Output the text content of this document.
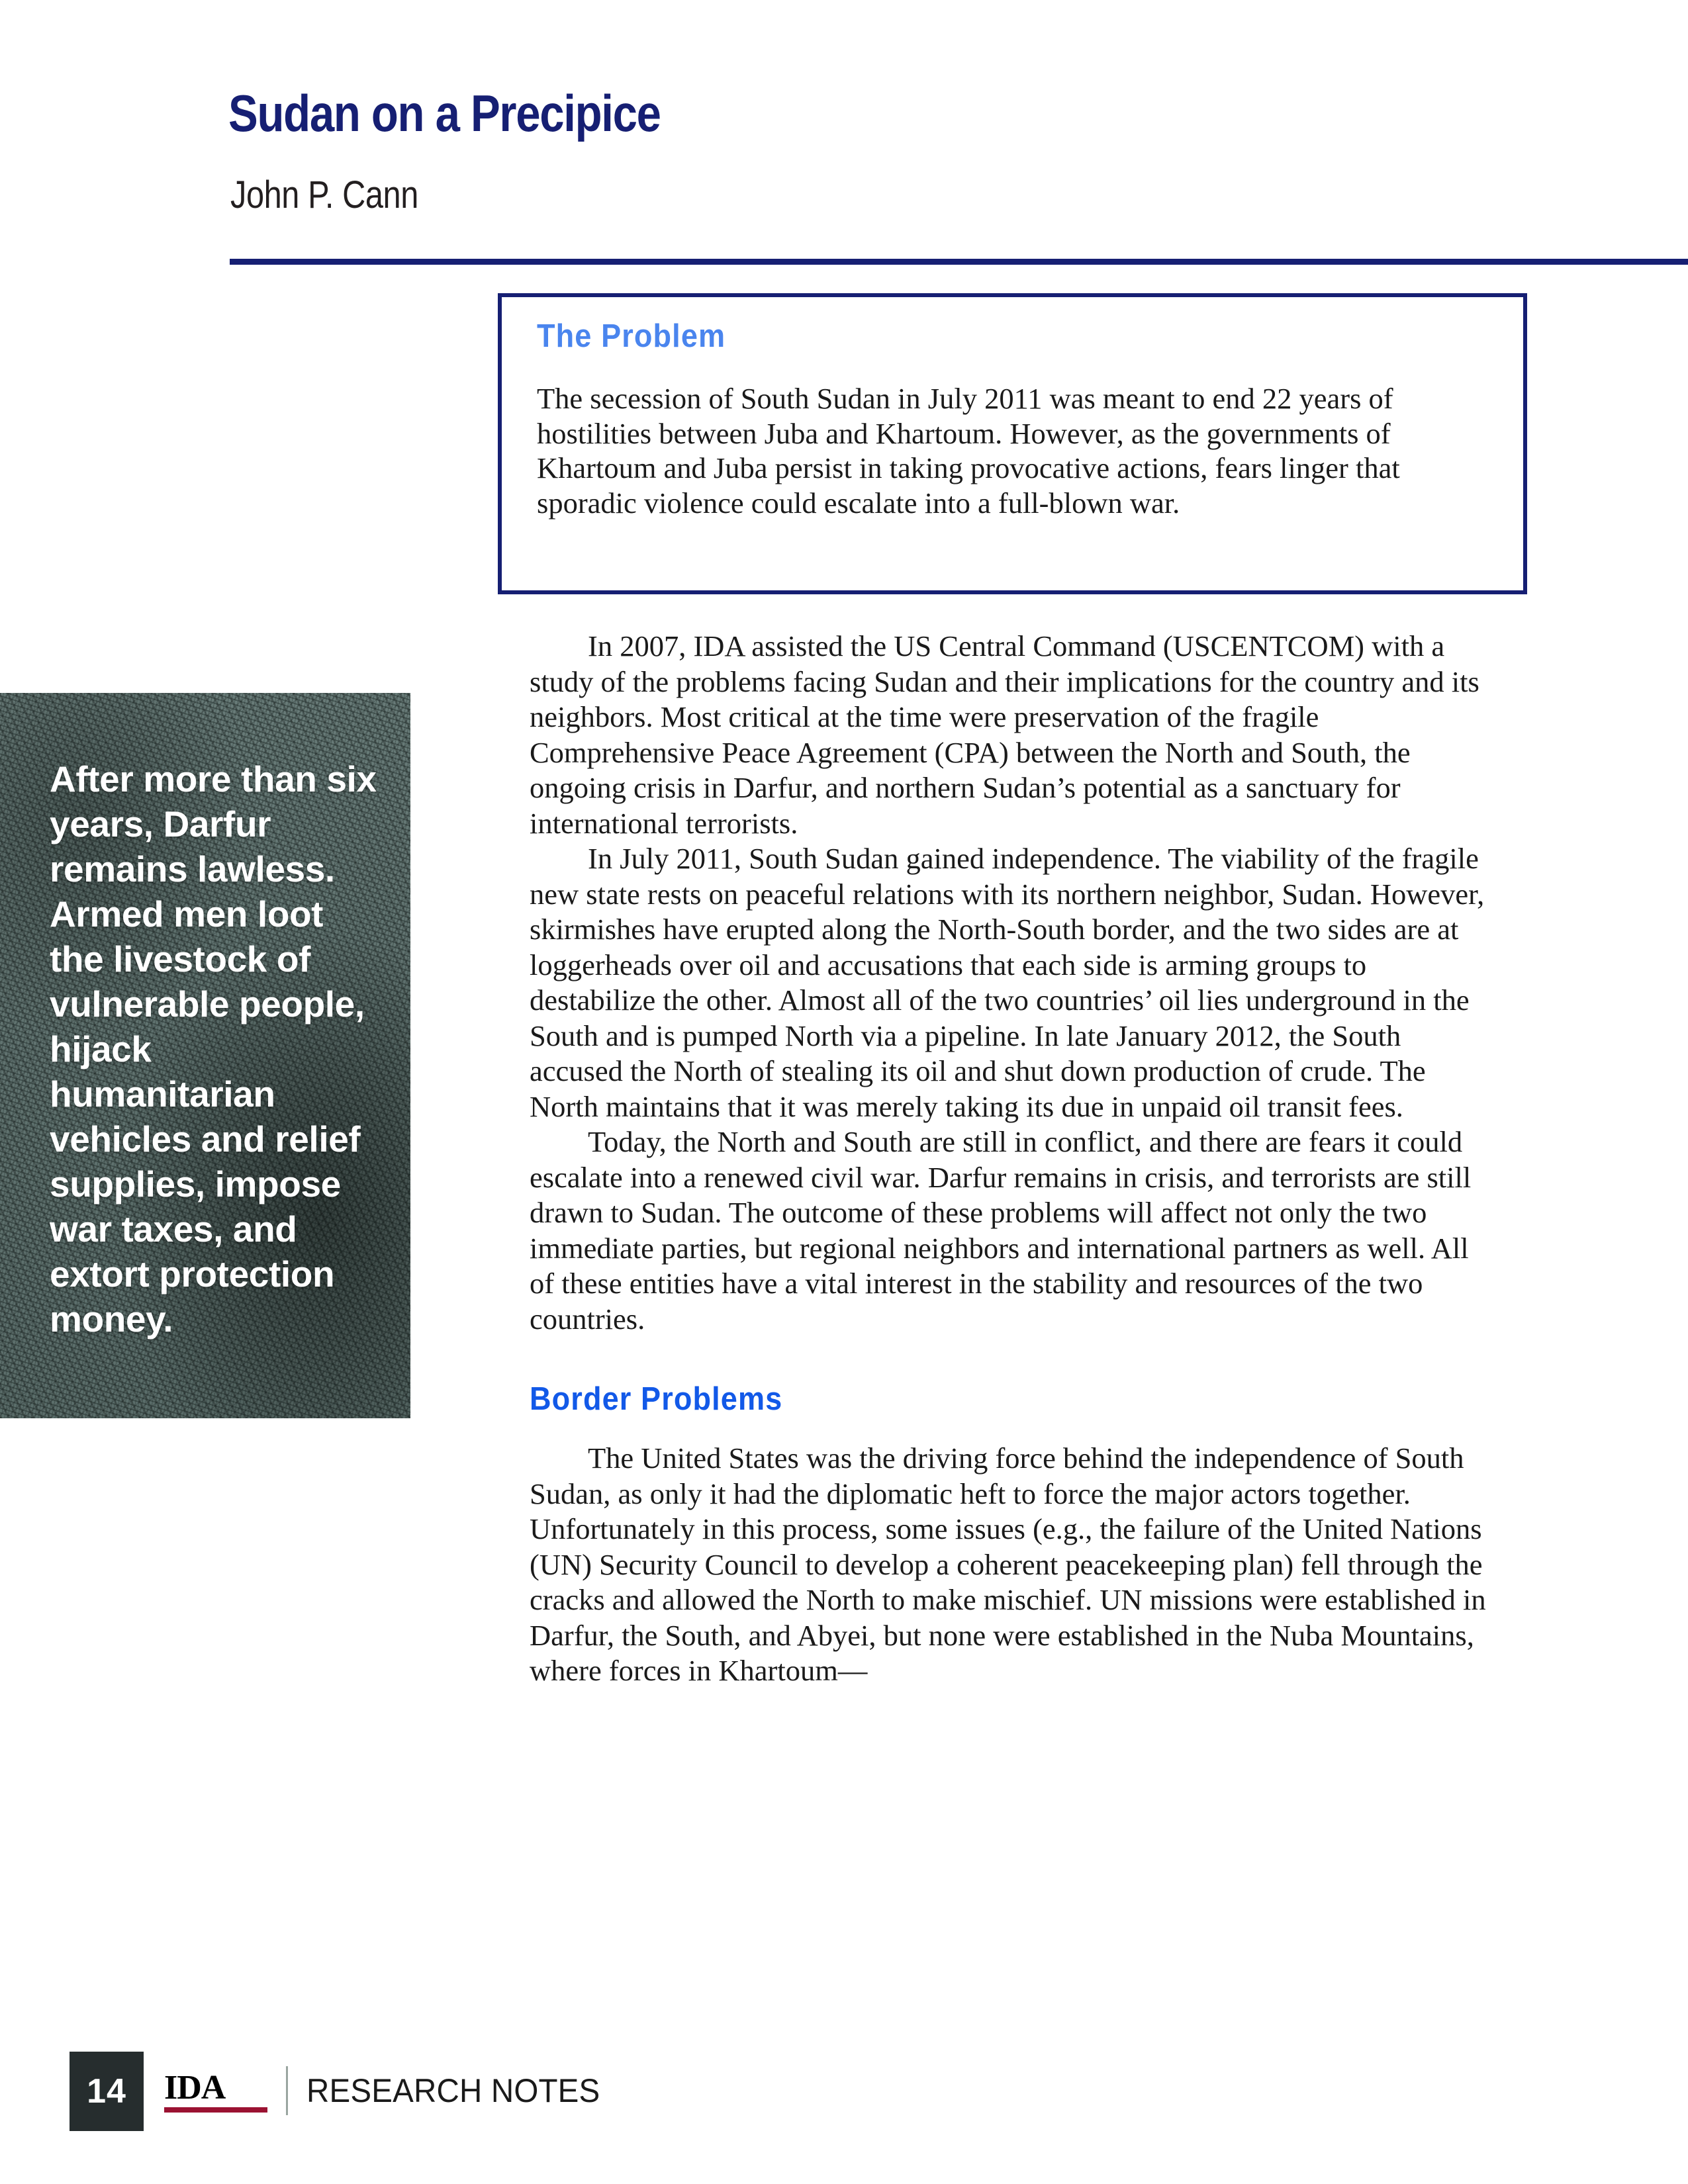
Sudan on a Precipice
John P. Cann
The Problem
The secession of South Sudan in July 2011 was meant to end 22 years of hostilities between Juba and Khartoum. However, as the governments of Khartoum and Juba persist in taking provocative actions, fears linger that sporadic violence could escalate into a full-blown war.
After more than six years, Darfur remains lawless. Armed men loot the livestock of vulnerable people, hijack humanitarian vehicles and relief supplies, impose war taxes, and extort protection money.

In 2007, IDA assisted the US Central Command (USCENTCOM) with a study of the problems facing Sudan and their implications for the country and its neighbors. Most critical at the time were preservation of the fragile Comprehensive Peace Agreement (CPA) between the North and South, the ongoing crisis in Darfur, and northern Sudan’s potential as a sanctuary for international terrorists.

In July 2011, South Sudan gained independence. The viability of the fragile new state rests on peaceful relations with its northern neighbor, Sudan. However, skirmishes have erupted along the North-South border, and the two sides are at loggerheads over oil and accusations that each side is arming groups to destabilize the other. Almost all of the two countries’ oil lies underground in the South and is pumped North via a pipeline. In late January 2012, the South accused the North of stealing its oil and shut down production of crude. The North maintains that it was merely taking its due in unpaid oil transit fees.

Today, the North and South are still in conflict, and there are fears it could escalate into a renewed civil war. Darfur remains in crisis, and terrorists are still drawn to Sudan. The outcome of these problems will affect not only the two immediate parties, but regional neighbors and international partners as well. All of these entities have a vital interest in the stability and resources of the two countries.

Border Problems

The United States was the driving force behind the independence of South Sudan, as only it had the diplomatic heft to force the major actors together. Unfortunately in this process, some issues (e.g., the failure of the United Nations (UN) Security Council to develop a coherent peacekeeping plan) fell through the cracks and allowed the North to make mischief. UN missions were established in Darfur, the South, and Abyei, but none were established in the Nuba Mountains, where forces in Khartoum—

14	IDA	RESEARCH NOTES
